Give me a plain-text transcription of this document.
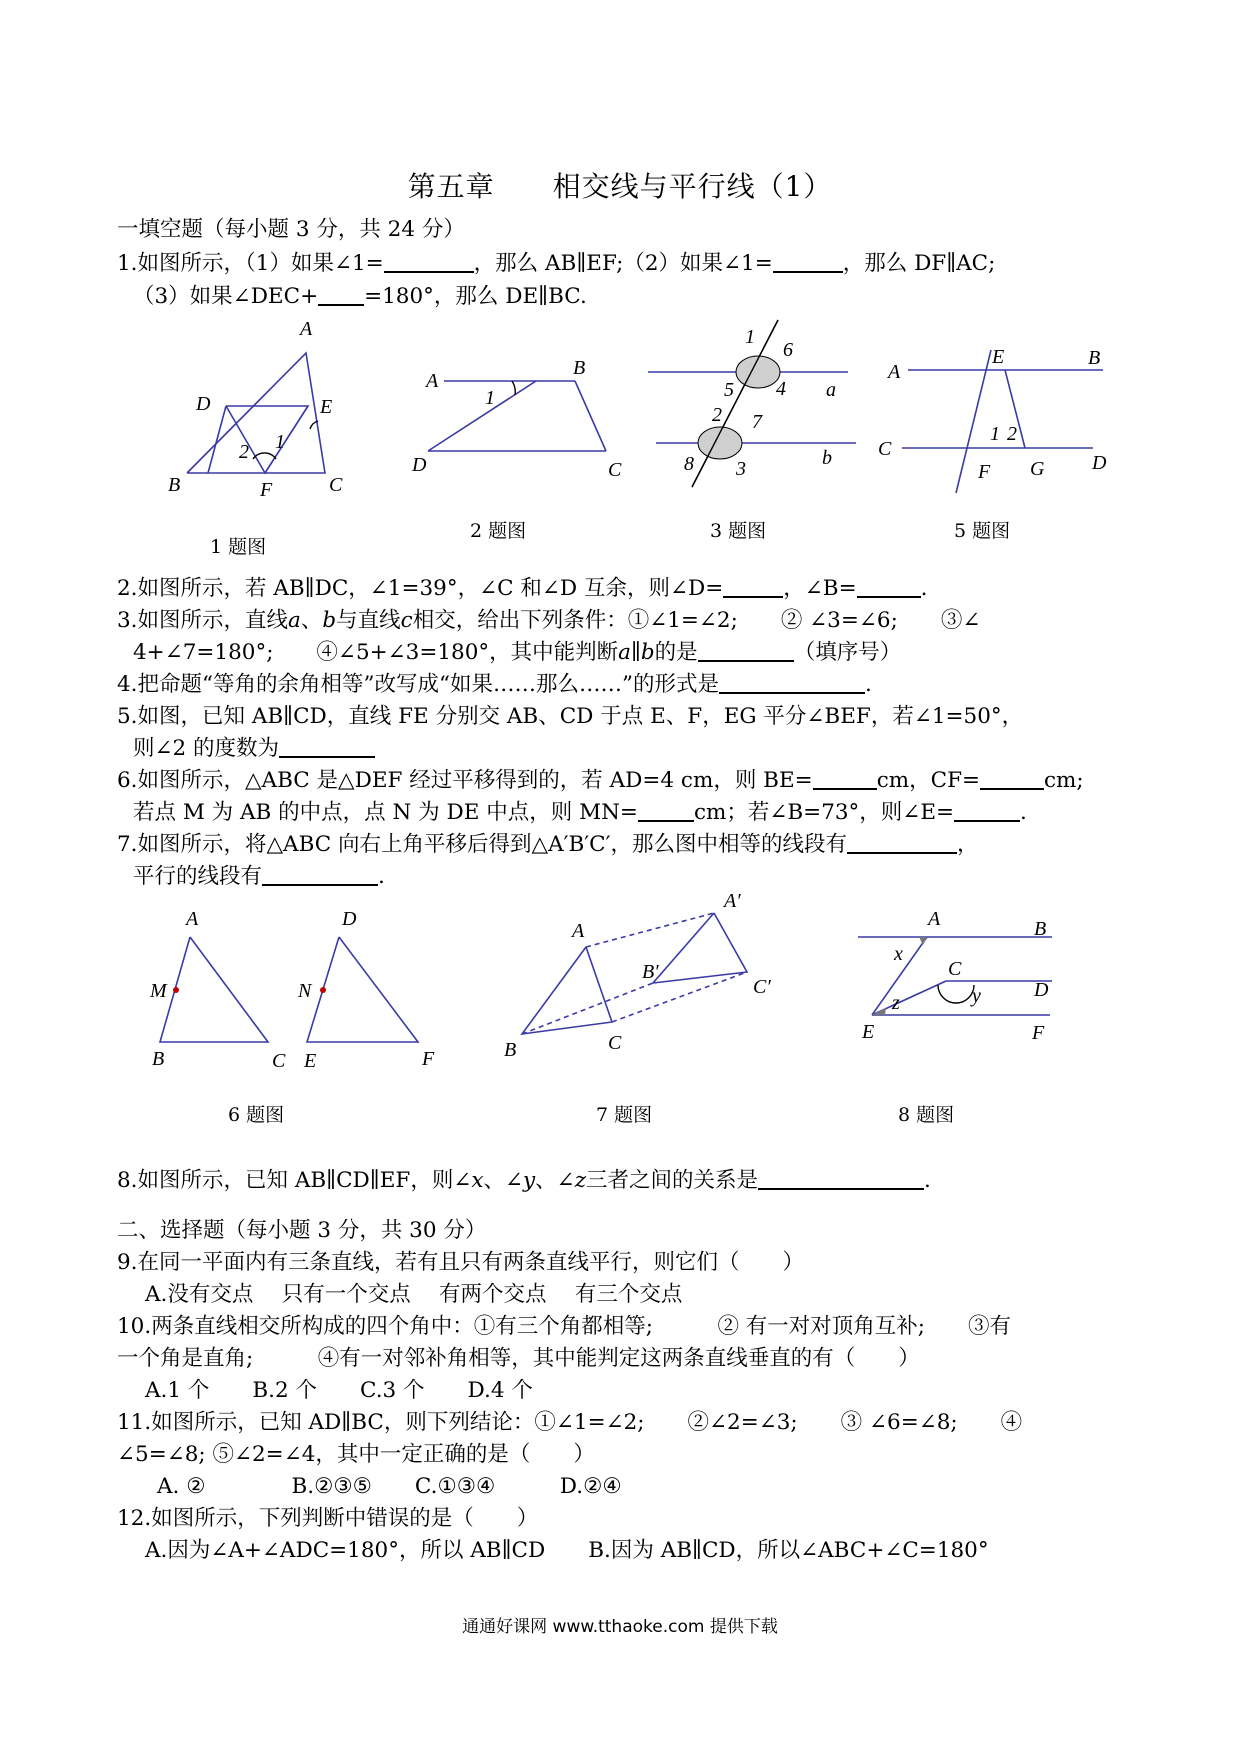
第五章　　相交线与平行线（1）
一填空题（每小题 3 分，共 24 分）
1.如图所示，（1）如果∠1=	，那么 AB∥EF;（2）如果∠1=	，那么 DF∥AC;
（3）如果∠DEC+ =180°，那么 DE∥BC.
A
D	E
2 1
B	F	C
1 题图
A
B
1
D	C
2 题图
1
6
5 4 a
2 7
8 3	b
3 题图
A
E	B
C
1 2
G D
F
5 题图
2.如图所示，若 AB∥DC，∠1=39°，∠C 和∠D 互余，则∠D=	，∠B=	.
3.如图所示，直线a、b与直线c相交，给出下列条件：①∠1=∠2;　　② ∠3=∠6;　　③∠
4+∠7=180°;　　④∠5+∠3=180°，其中能判断a∥b的是	（填序号）
4.把命题“等角的余角相等”改写成“如果……那么……”的形式是	.
5.如图，已知 AB∥CD，直线 FE 分别交 AB、CD 于点 E、F，EG 平分∠BEF，若∠1=50°，
则∠2 的度数为
6.如图所示，△ABC 是△DEF 经过平移得到的，若 AD=4 cm，则 BE=	cm，CF=	cm;
若点 M 为 AB 的中点，点 N 为 DE 中点，则 MN=	cm；若∠B=73°，则∠E=	.
7.如图所示，将△ABC 向右上角平移后得到△A′B′C′，那么图中相等的线段有	，
平行的线段有	.
A
M
B	C
D
N
E	F
6 题图
A
A′
B′
C′
B	C
7 题图
A	B
x
C
D
y
z
E	F
8 题图
8.如图所示，已知 AB∥CD∥EF，则∠x、∠y、∠z三者之间的关系是	.
二、选择题（每小题 3 分，共 30 分）
9.在同一平面内有三条直线，若有且只有两条直线平行，则它们（　　）
A.没有交点　 只有一个交点　 有两个交点　 有三个交点
10.两条直线相交所构成的四个角中：①有三个角都相等;　　　② 有一对对顶角互补;　　③有
一个角是直角;　　　④有一对邻补角相等，其中能判定这两条直线垂直的有（　　）
A.1 个　　B.2 个　　C.3 个　　D.4 个
11.如图所示，已知 AD∥BC，则下列结论：①∠1=∠2;　　②∠2=∠3;　　③ ∠6=∠8;　　④
∠5=∠8; ⑤∠2=∠4，其中一定正确的是（　　）
A. ②　　　　B.②③⑤　　C.①③④　　　D.②④
12.如图所示，下列判断中错误的是（　　）
A.因为∠A+∠ADC=180°，所以 AB∥CD　　B.因为 AB∥CD，所以∠ABC+∠C=180°
通通好课网 www.tthaoke.com 提供下载
